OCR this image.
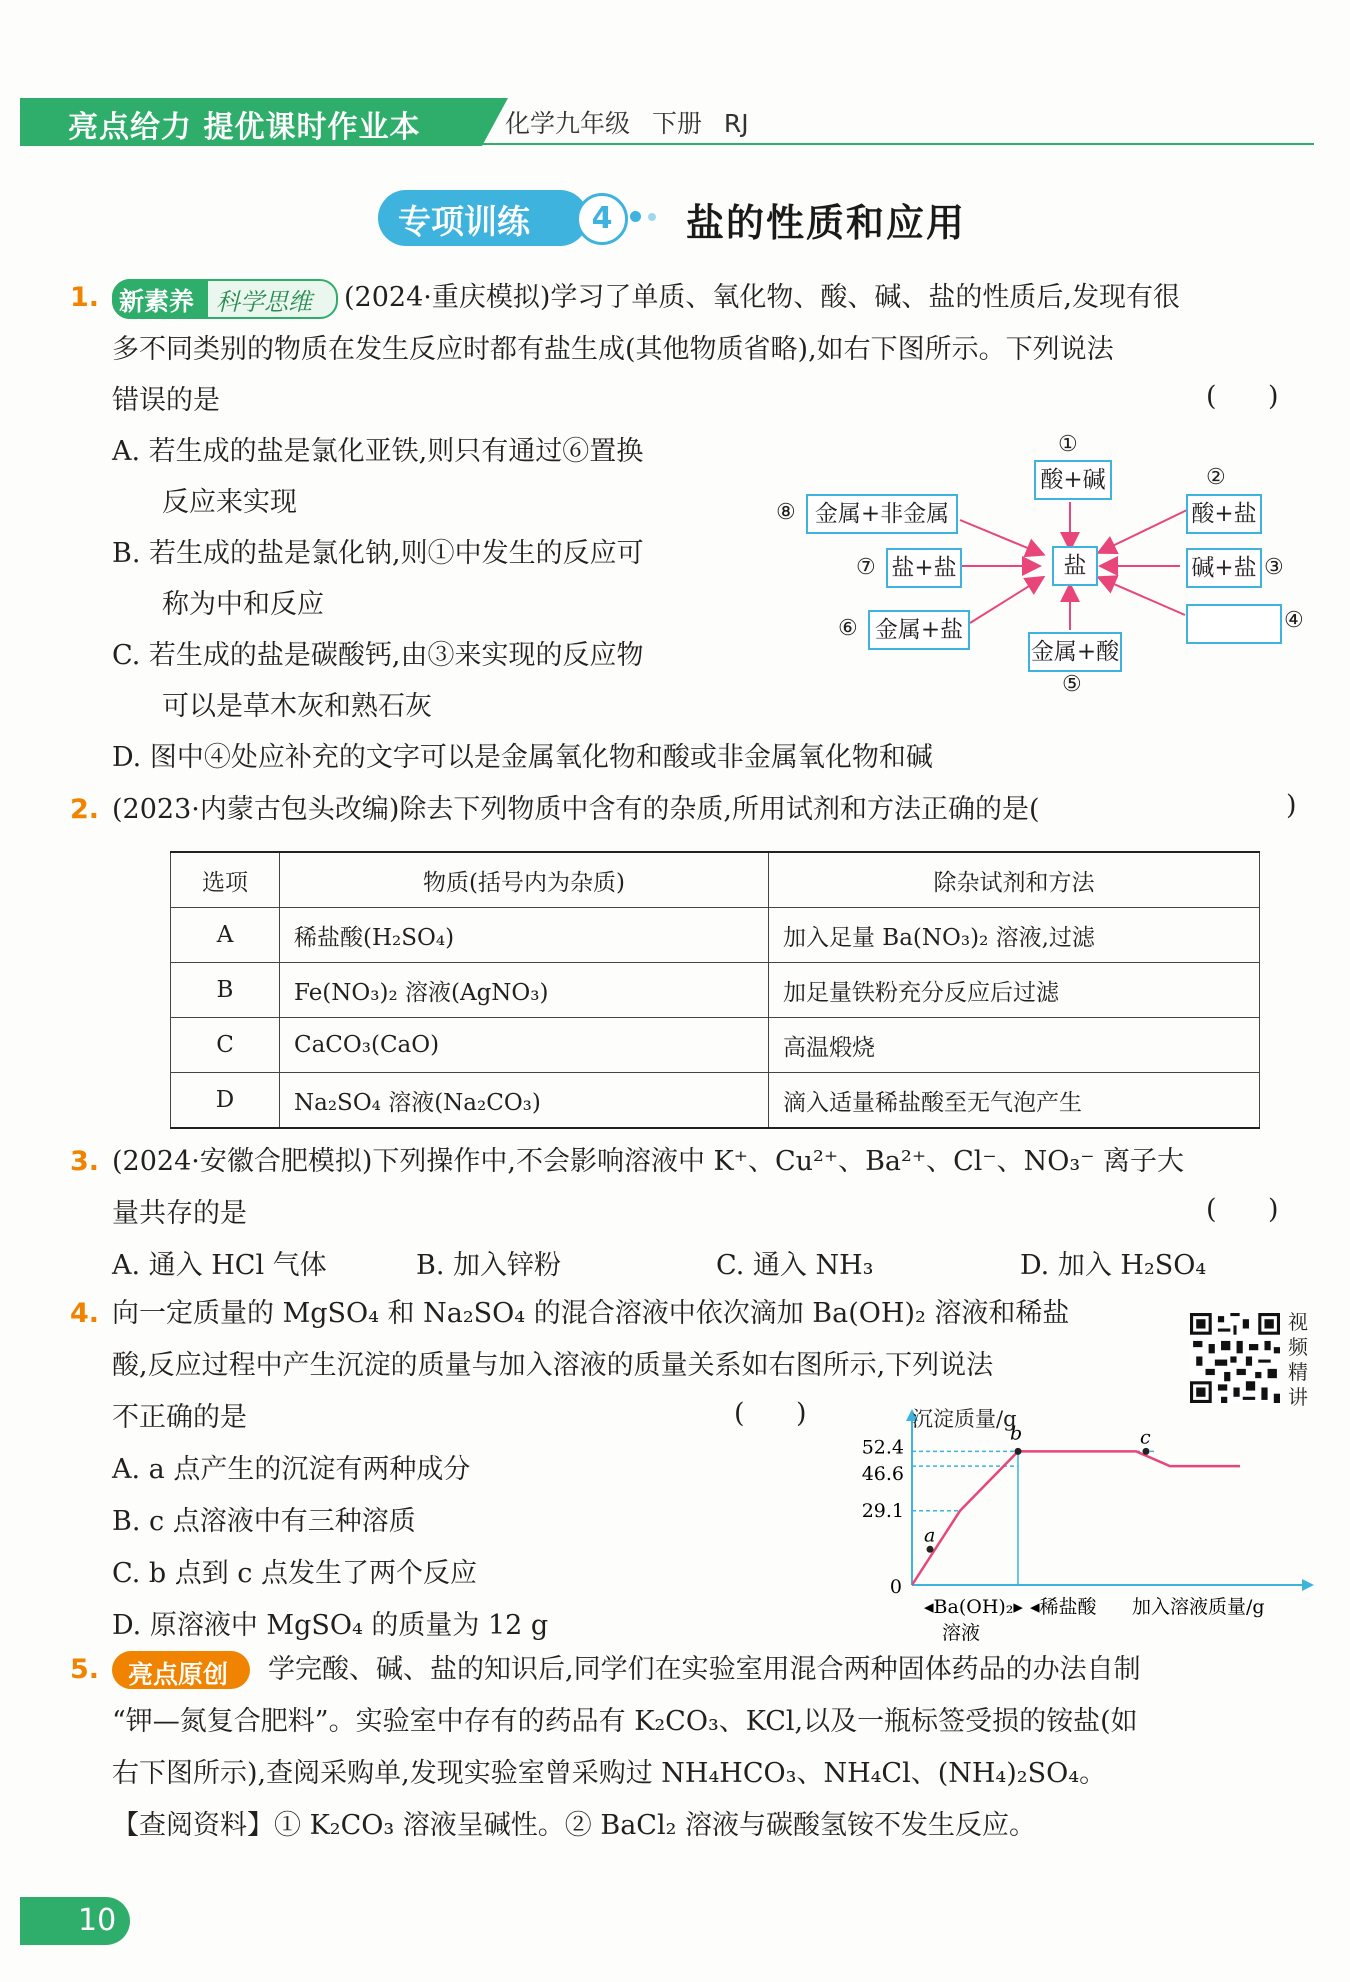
亮点给力 提优课时作业本	化学九年级 下册 RJ
专项训练	4	盐的性质和应用
1. 新素养 科学思维 (2024·重庆模拟)学习了单质、氧化物、酸、碱、盐的性质后,发现有很
多不同类别的物质在发生反应时都有盐生成(其他物质省略),如右下图所示。下列说法
错误的是	(      )
A. 若生成的盐是氯化亚铁,则只有通过⑥置换
反应来实现
B. 若生成的盐是氯化钠,则①中发生的反应可
称为中和反应
C. 若生成的盐是碳酸钙,由③来实现的反应物
可以是草木灰和熟石灰
D. 图中④处应补充的文字可以是金属氧化物和酸或非金属氧化物和碱
盐
①
酸+碱	②
酸+盐
碱+盐 ③
④
金属+酸
⑤
金属+盐
⑥
盐+盐
⑦
金属+非金属
⑧
2. (2023·内蒙古包头改编)除去下列物质中含有的杂质,所用试剂和方法正确的是(	)
选项	物质(括号内为杂质)	除杂试剂和方法
A	稀盐酸(H₂SO₄)	加入足量 Ba(NO₃)₂ 溶液,过滤
B	Fe(NO₃)₂ 溶液(AgNO₃)	加足量铁粉充分反应后过滤
C	CaCO₃(CaO)	高温煅烧
D	Na₂SO₄ 溶液(Na₂CO₃)	滴入适量稀盐酸至无气泡产生
3. (2024·安徽合肥模拟)下列操作中,不会影响溶液中 K⁺、Cu²⁺、Ba²⁺、Cl⁻、NO₃⁻ 离子大
量共存的是	(      )
A. 通入 HCl 气体	B. 加入锌粉	C. 通入 NH₃	D. 加入 H₂SO₄
4. 向一定质量的 MgSO₄ 和 Na₂SO₄ 的混合溶液中依次滴加 Ba(OH)₂ 溶液和稀盐
酸,反应过程中产生沉淀的质量与加入溶液的质量关系如右图所示,下列说法
不正确的是	(      )
A. a 点产生的沉淀有两种成分
B. c 点溶液中有三种溶质
C. b 点到 c 点发生了两个反应
D. 原溶液中 MgSO₄ 的质量为 12 g
视频精讲
52.4
46.6
29.1
0
a
b	c
◂Ba(OH)₂▸
溶液
◂稀盐酸 加入溶液质量/g
沉淀质量/g
5. 亮点原创 学完酸、碱、盐的知识后,同学们在实验室用混合两种固体药品的办法自制
“钾—氮复合肥料”。实验室中存有的药品有 K₂CO₃、KCl,以及一瓶标签受损的铵盐(如
右下图所示),查阅采购单,发现实验室曾采购过 NH₄HCO₃、NH₄Cl、(NH₄)₂SO₄。
【查阅资料】① K₂CO₃ 溶液呈碱性。② BaCl₂ 溶液与碳酸氢铵不发生反应。
10
